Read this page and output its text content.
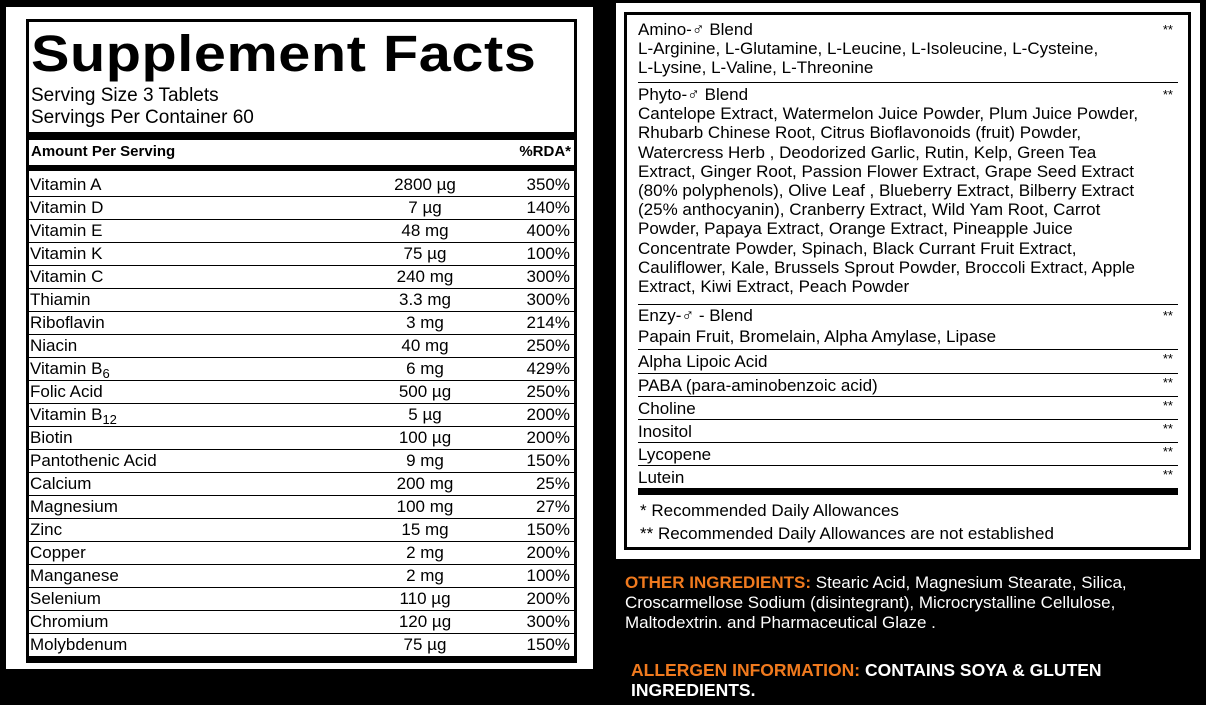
Supplement Facts
Serving Size 3 Tablets
Servings Per Container 60
Amount Per Serving	%RDA*
Vitamin A	2800 µg	350%
Vitamin D	7 µg	140%
Vitamin E	48 mg	400%
Vitamin K	75 µg	100%
Vitamin C	240 mg	300%
Thiamin	3.3 mg	300%
Riboflavin	3 mg	214%
Niacin	40 mg	250%
Vitamin $B_6$	6 mg	429%
Folic Acid	500 µg	250%
Vitamin $B_{12}$	5 µg	200%
Biotin	100 µg	200%
Pantothenic Acid	9 mg	150%
Calcium	200 mg	25%
Magnesium	100 mg	27%
Zinc	15 mg	150%
Copper	2 mg	200%
Manganese	2 mg	100%
Selenium	110 µg	200%
Chromium	120 µg	300%
Molybdenum	75 µg	150%
Amino-♂ Blend	**
L-Arginine, L-Glutamine, L-Leucine, L-Isoleucine, L-Cysteine,
L-Lysine, L-Valine, L-Threonine
Phyto-♂ Blend	**
Cantelope Extract, Watermelon Juice Powder, Plum Juice Powder,
Rhubarb Chinese Root, Citrus Bioflavonoids (fruit) Powder,
Watercress Herb , Deodorized Garlic, Rutin, Kelp, Green Tea
Extract, Ginger Root, Passion Flower Extract, Grape Seed Extract
(80% polyphenols), Olive Leaf , Blueberry Extract, Bilberry Extract
(25% anthocyanin), Cranberry Extract, Wild Yam Root, Carrot
Powder, Papaya Extract, Orange Extract, Pineapple Juice
Concentrate Powder, Spinach, Black Currant Fruit Extract,
Cauliflower, Kale, Brussels Sprout Powder, Broccoli Extract, Apple
Extract, Kiwi Extract, Peach Powder
Enzy-♂ - Blend	**
Papain Fruit, Bromelain, Alpha Amylase, Lipase
Alpha Lipoic Acid	**
PABA (para-aminobenzoic acid)	**
Choline	**
Inositol	**
Lycopene	**
Lutein	**
* Recommended Daily Allowances
** Recommended Daily Allowances are not established
OTHER INGREDIENTS: Stearic Acid, Magnesium Stearate, Silica, Croscarmellose Sodium (disintegrant), Microcrystalline Cellulose, Maltodextrin. and Pharmaceutical Glaze .
ALLERGEN INFORMATION: CONTAINS SOYA & GLUTEN INGREDIENTS.
